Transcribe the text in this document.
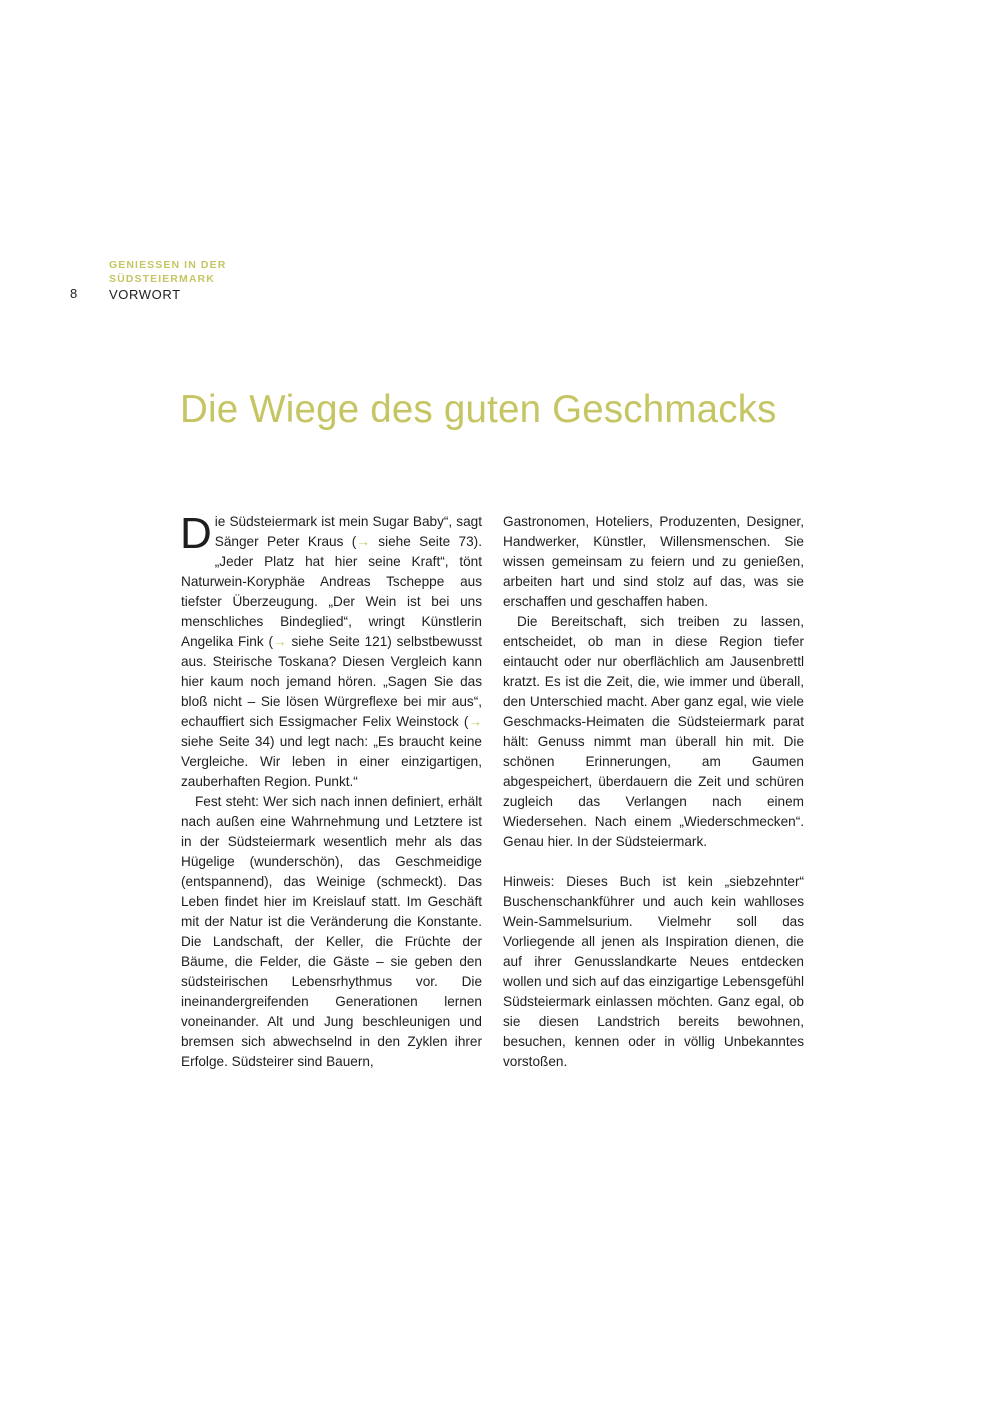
8
GENIESSEN IN DER
SÜDSTEIERMARK
VORWORT
Die Wiege des guten Geschmacks

Die Südsteiermark ist mein Sugar Baby“, sagt Sänger Peter Kraus (→ siehe Seite 73). „Jeder Platz hat hier seine Kraft“, tönt Naturwein-Koryphäe Andreas Tscheppe aus tiefster Überzeugung. „Der Wein ist bei uns menschliches Bindeglied“, wringt Künstlerin Angelika Fink (→ siehe Seite 121) selbstbewusst aus. Steirische Toskana? Diesen Vergleich kann hier kaum noch jemand hören. „Sagen Sie das bloß nicht – Sie lösen Würgreflexe bei mir aus“, echauffiert sich Essigmacher Felix Weinstock (→ siehe Seite 34) und legt nach: „Es braucht keine Vergleiche. Wir leben in einer einzigartigen, zauberhaften Region. Punkt.“

Fest steht: Wer sich nach innen definiert, erhält nach außen eine Wahrnehmung und Letztere ist in der Südsteiermark wesentlich mehr als das Hügelige (wunderschön), das Geschmeidige (entspannend), das Weinige (schmeckt). Das Leben findet hier im Kreislauf statt. Im Geschäft mit der Natur ist die Veränderung die Konstante. Die Landschaft, der Keller, die Früchte der Bäume, die Felder, die Gäste – sie geben den südsteirischen Lebensrhythmus vor. Die ineinandergreifenden Generationen lernen voneinander. Alt und Jung beschleunigen und bremsen sich abwechselnd in den Zyklen ihrer Erfolge. Südsteirer sind Bauern,

Gastronomen, Hoteliers, Produzenten, Designer, Handwerker, Künstler, Willensmenschen. Sie wissen gemeinsam zu feiern und zu genießen, arbeiten hart und sind stolz auf das, was sie erschaffen und geschaffen haben.

Die Bereitschaft, sich treiben zu lassen, entscheidet, ob man in diese Region tiefer eintaucht oder nur oberflächlich am Jausenbrettl kratzt. Es ist die Zeit, die, wie immer und überall, den Unterschied macht. Aber ganz egal, wie viele Geschmacks-Heimaten die Südsteiermark parat hält: Genuss nimmt man überall hin mit. Die schönen Erinnerungen, am Gaumen abgespeichert, überdauern die Zeit und schüren zugleich das Verlangen nach einem Wiedersehen. Nach einem „Wiederschmecken“. Genau hier. In der Südsteiermark.

Hinweis: Dieses Buch ist kein „siebzehnter“ Buschenschankführer und auch kein wahlloses Wein-Sammelsurium. Vielmehr soll das Vorliegende all jenen als Inspiration dienen, die auf ihrer Genusslandkarte Neues entdecken wollen und sich auf das einzigartige Lebensgefühl Südsteiermark einlassen möchten. Ganz egal, ob sie diesen Landstrich bereits bewohnen, besuchen, kennen oder in völlig Unbekanntes vorstoßen.
